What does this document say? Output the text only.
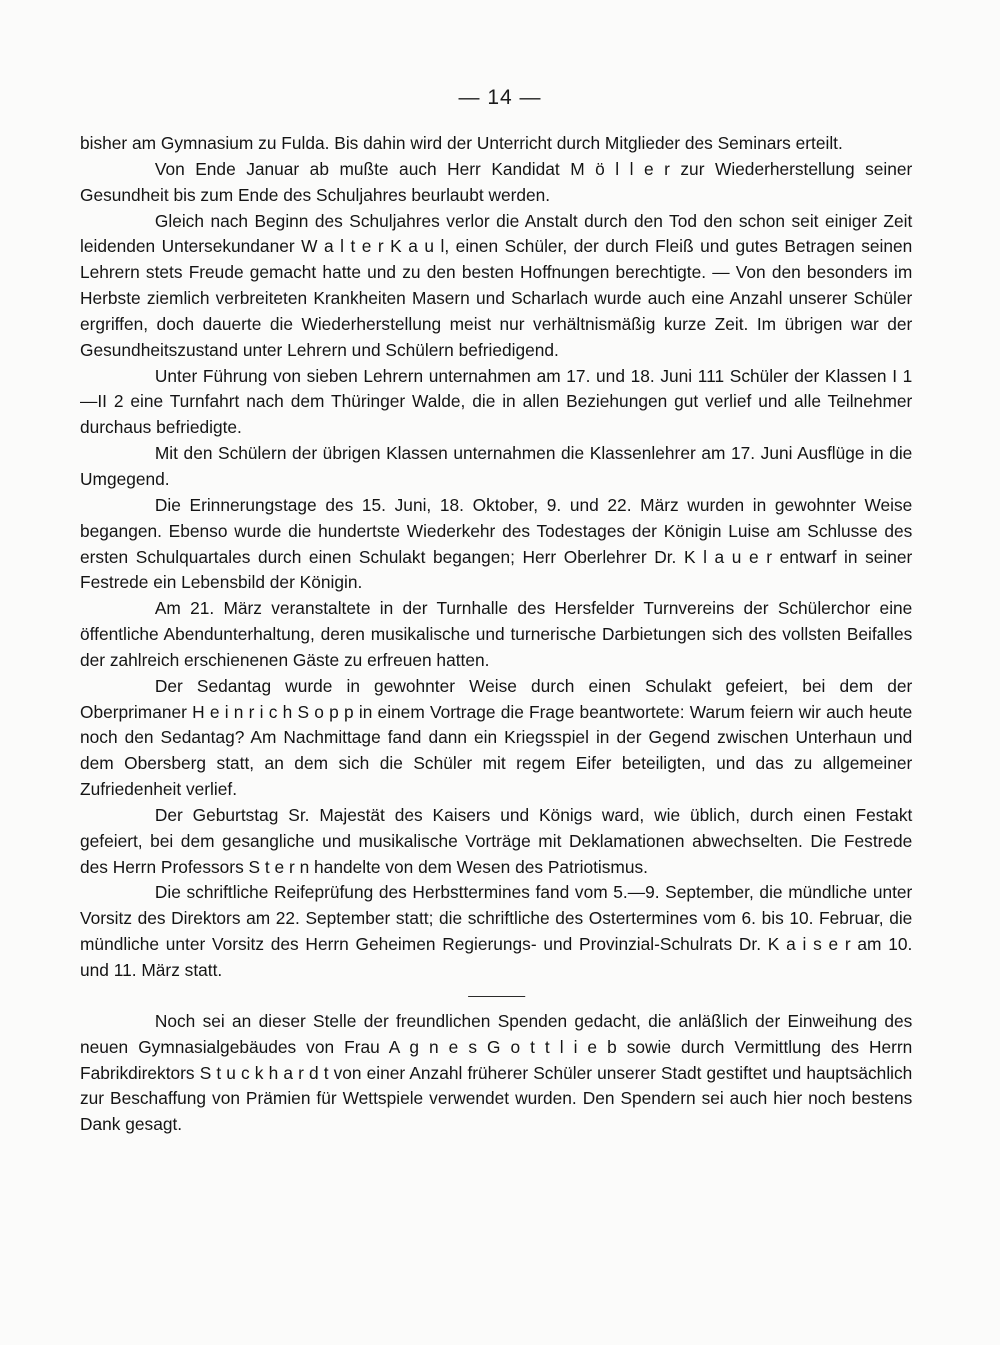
— 14 —

bisher am Gymnasium zu Fulda. Bis dahin wird der Unterricht durch Mitglieder des Seminars erteilt.

Von Ende Januar ab mußte auch Herr Kandidat M ö l l e r zur Wiederherstellung seiner Gesundheit bis zum Ende des Schuljahres beurlaubt werden.

Gleich nach Beginn des Schuljahres verlor die Anstalt durch den Tod den schon seit einiger Zeit leidenden Untersekundaner W a l t e r K a u l, einen Schüler, der durch Fleiß und gutes Betragen seinen Lehrern stets Freude gemacht hatte und zu den besten Hoffnungen berechtigte. — Von den besonders im Herbste ziemlich verbreiteten Krankheiten Masern und Scharlach wurde auch eine Anzahl unserer Schüler ergriffen, doch dauerte die Wiederherstellung meist nur verhältnismäßig kurze Zeit. Im übrigen war der Gesundheitszustand unter Lehrern und Schülern befriedigend.

Unter Führung von sieben Lehrern unternahmen am 17. und 18. Juni 111 Schüler der Klassen I 1—II 2 eine Turnfahrt nach dem Thüringer Walde, die in allen Beziehungen gut verlief und alle Teilnehmer durchaus befriedigte.

Mit den Schülern der übrigen Klassen unternahmen die Klassenlehrer am 17. Juni Ausflüge in die Umgegend.

Die Erinnerungstage des 15. Juni, 18. Oktober, 9. und 22. März wurden in gewohnter Weise begangen. Ebenso wurde die hundertste Wiederkehr des Todestages der Königin Luise am Schlusse des ersten Schulquartales durch einen Schulakt begangen; Herr Oberlehrer Dr. K l a u e r entwarf in seiner Festrede ein Lebensbild der Königin.

Am 21. März veranstaltete in der Turnhalle des Hersfelder Turnvereins der Schülerchor eine öffentliche Abendunterhaltung, deren musikalische und turnerische Darbietungen sich des vollsten Beifalles der zahlreich erschienenen Gäste zu erfreuen hatten.

Der Sedantag wurde in gewohnter Weise durch einen Schulakt gefeiert, bei dem der Oberprimaner H e i n r i c h S o p p in einem Vortrage die Frage beantwortete: Warum feiern wir auch heute noch den Sedantag? Am Nachmittage fand dann ein Kriegsspiel in der Gegend zwischen Unterhaun und dem Obersberg statt, an dem sich die Schüler mit regem Eifer beteiligten, und das zu allgemeiner Zufriedenheit verlief.

Der Geburtstag Sr. Majestät des Kaisers und Königs ward, wie üblich, durch einen Festakt gefeiert, bei dem gesangliche und musikalische Vorträge mit Deklamationen abwechselten. Die Festrede des Herrn Professors S t e r n handelte von dem Wesen des Patriotismus.

Die schriftliche Reifeprüfung des Herbsttermines fand vom 5.—9. September, die mündliche unter Vorsitz des Direktors am 22. September statt; die schriftliche des Ostertermines vom 6. bis 10. Februar, die mündliche unter Vorsitz des Herrn Geheimen Regierungs- und Provinzial-Schulrats Dr. K a i s e r am 10. und 11. März statt.

Noch sei an dieser Stelle der freundlichen Spenden gedacht, die anläßlich der Einweihung des neuen Gymnasialgebäudes von Frau A g n e s G o t t l i e b sowie durch Vermittlung des Herrn Fabrikdirektors S t u c k h a r d t von einer Anzahl früherer Schüler unserer Stadt gestiftet und hauptsächlich zur Beschaffung von Prämien für Wettspiele verwendet wurden. Den Spendern sei auch hier noch bestens Dank gesagt.
